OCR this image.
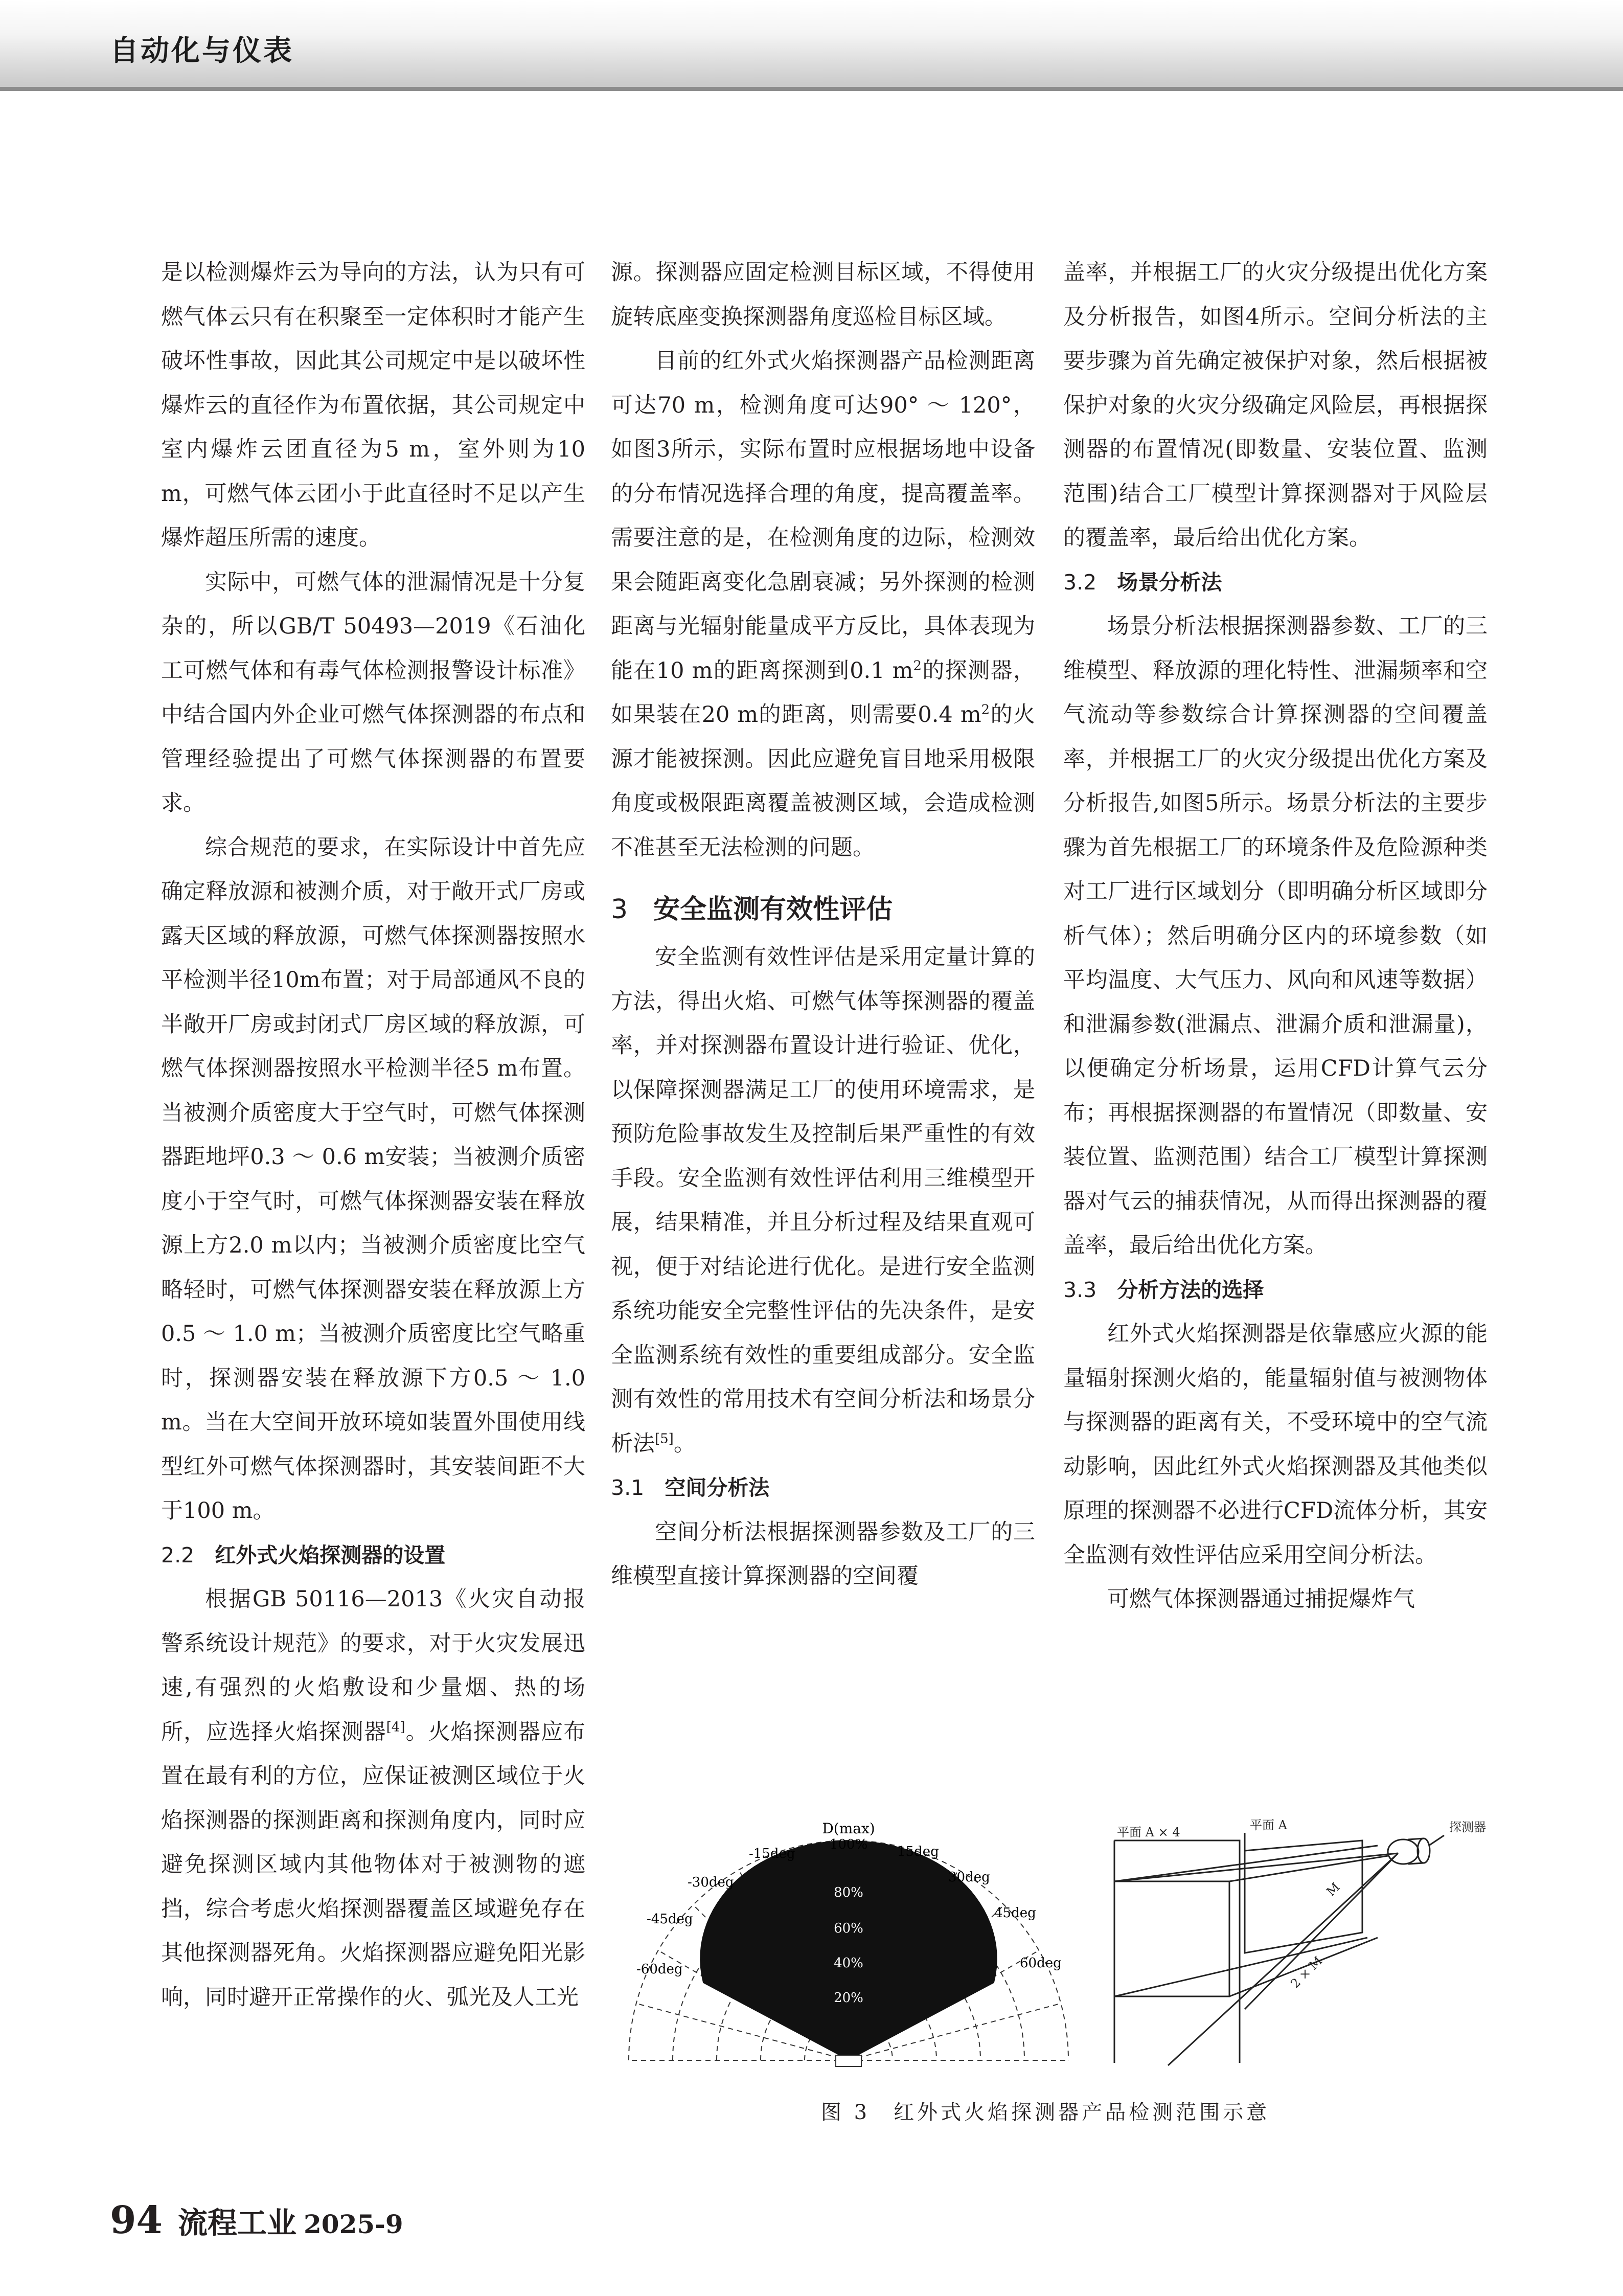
自动化与仪表

是以检测爆炸云为导向的方法，认为只有可燃气体云只有在积聚至一定体积时才能产生破坏性事故，因此其公司规定中是以破坏性爆炸云的直径作为布置依据，其公司规定中室内爆炸云团直径为5 m，室外则为10 m，可燃气体云团小于此直径时不足以产生爆炸超压所需的速度。

实际中，可燃气体的泄漏情况是十分复杂的，所以GB/T 50493—2019《石油化工可燃气体和有毒气体检测报警设计标准》中结合国内外企业可燃气体探测器的布点和管理经验提出了可燃气体探测器的布置要求。

综合规范的要求，在实际设计中首先应确定释放源和被测介质，对于敞开式厂房或露天区域的释放源，可燃气体探测器按照水平检测半径10m布置；对于局部通风不良的半敞开厂房或封闭式厂房区域的释放源，可燃气体探测器按照水平检测半径5 m布置。当被测介质密度大于空气时，可燃气体探测器距地坪0.3 ～ 0.6 m安装；当被测介质密度小于空气时，可燃气体探测器安装在释放源上方2.0 m以内；当被测介质密度比空气略轻时，可燃气体探测器安装在释放源上方0.5 ～ 1.0 m；当被测介质密度比空气略重时，探测器安装在释放源下方0.5 ～ 1.0 m。当在大空间开放环境如装置外围使用线型红外可燃气体探测器时，其安装间距不大于100 m。

2.2 红外式火焰探测器的设置

根据GB 50116—2013《火灾自动报警系统设计规范》的要求，对于火灾发展迅速,有强烈的火焰敷设和少量烟、热的场所，应选择火焰探测器[4]。火焰探测器应布置在最有利的方位，应保证被测区域位于火焰探测器的探测距离和探测角度内，同时应避免探测区域内其他物体对于被测物的遮挡，综合考虑火焰探测器覆盖区域避免存在其他探测器死角。火焰探测器应避免阳光影响，同时避开正常操作的火、弧光及人工光

源。探测器应固定检测目标区域，不得使用旋转底座变换探测器角度巡检目标区域。

目前的红外式火焰探测器产品检测距离可达70 m，检测角度可达90° ～ 120°，如图3所示，实际布置时应根据场地中设备的分布情况选择合理的角度，提高覆盖率。需要注意的是，在检测角度的边际，检测效果会随距离变化急剧衰减；另外探测的检测距离与光辐射能量成平方反比，具体表现为能在10 m的距离探测到0.1 $m^2$的探测器，如果装在20 m的距离，则需要0.4 $m^2$的火源才能被探测。因此应避免盲目地采用极限角度或极限距离覆盖被测区域，会造成检测不准甚至无法检测的问题。

3 安全监测有效性评估

安全监测有效性评估是采用定量计算的方法，得出火焰、可燃气体等探测器的覆盖率，并对探测器布置设计进行验证、优化，以保障探测器满足工厂的使用环境需求，是预防危险事故发生及控制后果严重性的有效手段。安全监测有效性评估利用三维模型开展，结果精准，并且分析过程及结果直观可视，便于对结论进行优化。是进行安全监测系统功能安全完整性评估的先决条件，是安全监测系统有效性的重要组成部分。安全监测有效性的常用技术有空间分析法和场景分析法[5]。

3.1 空间分析法

空间分析法根据探测器参数及工厂的三维模型直接计算探测器的空间覆

盖率，并根据工厂的火灾分级提出优化方案及分析报告，如图4所示。空间分析法的主要步骤为首先确定被保护对象，然后根据被保护对象的火灾分级确定风险层，再根据探测器的布置情况(即数量、安装位置、监测范围)结合工厂模型计算探测器对于风险层的覆盖率，最后给出优化方案。

3.2 场景分析法

场景分析法根据探测器参数、工厂的三维模型、释放源的理化特性、泄漏频率和空气流动等参数综合计算探测器的空间覆盖率，并根据工厂的火灾分级提出优化方案及分析报告,如图5所示。场景分析法的主要步骤为首先根据工厂的环境条件及危险源种类对工厂进行区域划分（即明确分析区域即分析气体）；然后明确分区内的环境参数（如平均温度、大气压力、风向和风速等数据）和泄漏参数(泄漏点、泄漏介质和泄漏量)，以便确定分析场景，运用CFD计算气云分布；再根据探测器的布置情况（即数量、安装位置、监测范围）结合工厂模型计算探测器对气云的捕获情况，从而得出探测器的覆盖率，最后给出优化方案。

3.3 分析方法的选择

红外式火焰探测器是依靠感应火源的能量辐射探测火焰的，能量辐射值与被测物体与探测器的距离有关，不受环境中的空气流动影响，因此红外式火焰探测器及其他类似原理的探测器不必进行CFD流体分析，其安全监测有效性评估应采用空间分析法。

可燃气体探测器通过捕捉爆炸气

D(max)
100%
80%
60%
40%
20%
-60deg
-45deg
-30deg
-15deg	15deg
30deg
45deg
60deg
平面 A × 4	平面 A	探测器
M
2 × M
图 3　红外式火焰探测器产品检测范围示意
94 流程工业 2025-9
